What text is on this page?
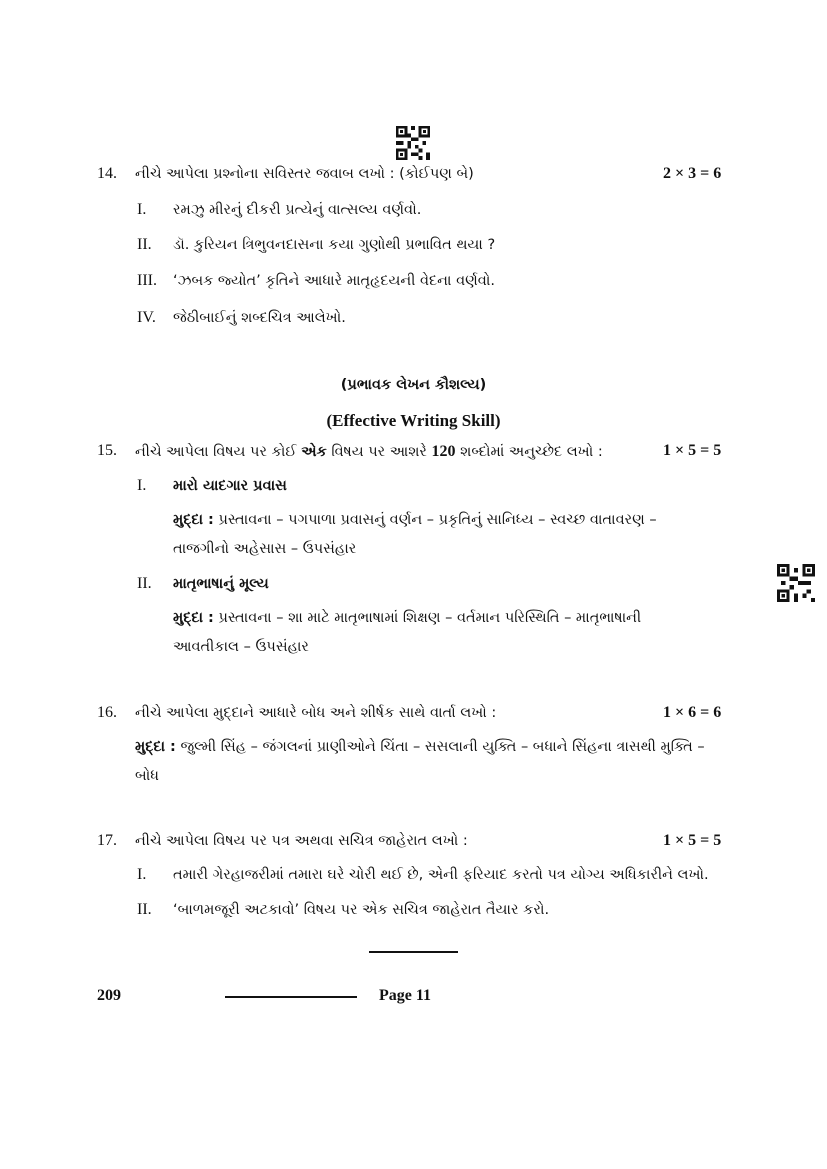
14. નીચે આપેલા પ્રશ્નોના સવિસ્તર જવાબ લખો : (કોઈપણ બે)	2 × 3 = 6
I. રમઝુ મીરનું દીકરી પ્રત્યેનું વાત્સલ્ય વર્ણવો.
II. ડૉ. કુરિયન ત્રિભુવનદાસના કયા ગુણોથી પ્રભાવિત થયા ?
III. ‘ઝબક જ્યોત’ કૃતિને આધારે માતૃહૃદયની વેદના વર્ણવો.
IV. જેઠીબાઈનું શબ્દચિત્ર આલેખો.
(પ્રભાવક લેખન કૌશલ્ય)
(Effective Writing Skill)
15. નીચે આપેલા વિષય પર કોઈ એક વિષય પર આશરે 120 શબ્દોમાં અનુચ્છેદ લખો :	1 × 5 = 5
I. મારો યાદગાર પ્રવાસ
મુદ્દા : પ્રસ્તાવના – પગપાળા પ્રવાસનું વર્ણન – પ્રકૃતિનું સાનિધ્ય – સ્વચ્છ વાતાવરણ –
તાજગીનો અહેસાસ – ઉપસંહાર
II. માતૃભાષાનું મૂલ્ય
મુદ્દા : પ્રસ્તાવના – શા માટે માતૃભાષામાં શિક્ષણ – વર્તમાન પરિસ્થિતિ – માતૃભાષાની
આવતીકાલ – ઉપસંહાર
16. નીચે આપેલા મુદ્દાને આધારે બોધ અને શીર્ષક સાથે વાર્તા લખો :	1 × 6 = 6
મુદ્દા : જુલ્મી સિંહ – જંગલનાં પ્રાણીઓને ચિંતા – સસલાની યુક્તિ – બધાને સિંહના ત્રાસથી મુક્તિ –
બોધ
17. નીચે આપેલા વિષય પર પત્ર અથવા સચિત્ર જાહેરાત લખો :	1 × 5 = 5
I. તમારી ગેરહાજરીમાં તમારા ઘરે ચોરી થઈ છે, એની ફરિયાદ કરતો પત્ર યોગ્ય અધિકારીને લખો.
II. ‘બાળમજૂરી અટકાવો’ વિષય પર એક સચિત્ર જાહેરાત તૈયાર કરો.
209	Page 11
